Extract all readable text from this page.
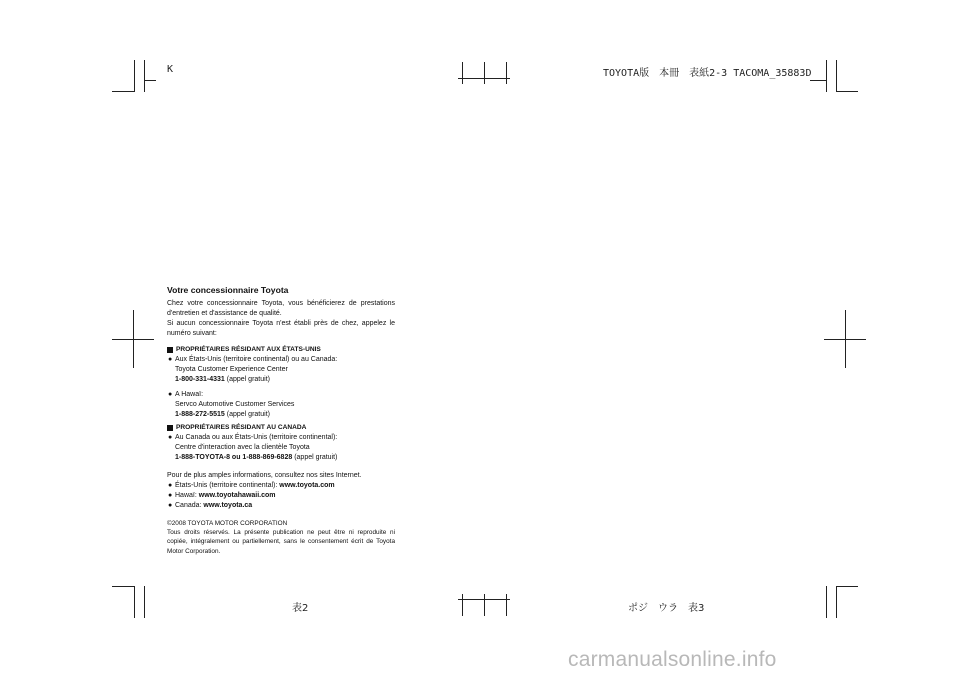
K	TOYOTA版　本冊　表紙2-3 TACOMA_35883D
Votre concessionnaire Toyota
Chez votre concessionnaire Toyota, vous bénéficierez de prestations d'entretien et d'assistance de qualité.
Si aucun concessionnaire Toyota n'est établi près de chez, appelez le numéro suivant:
PROPRIÉTAIRES RÉSIDANT AUX ÉTATS-UNIS
● Aux États-Unis (territoire continental) ou au Canada:
Toyota Customer Experience Center
1-800-331-4331 (appel gratuit)
● A Hawaï:
Servco Automotive Customer Services
1-888-272-5515 (appel gratuit)
PROPRIÉTAIRES RÉSIDANT AU CANADA
● Au Canada ou aux États-Unis (territoire continental):
Centre d'interaction avec la clientèle Toyota
1-888-TOYOTA-8 ou 1-888-869-6828 (appel gratuit)
Pour de plus amples informations, consultez nos sites Internet.
● États-Unis (territoire continental): www.toyota.com
● Hawaï: www.toyotahawaii.com
● Canada: www.toyota.ca
©2008 TOYOTA MOTOR CORPORATION
Tous droits réservés. La présente publication ne peut être ni reproduite ni copiée, intégralement ou partiellement, sans le consentement écrit de Toyota Motor Corporation.
表2	ポジ　ウラ　表3
carmanualsonline.info
